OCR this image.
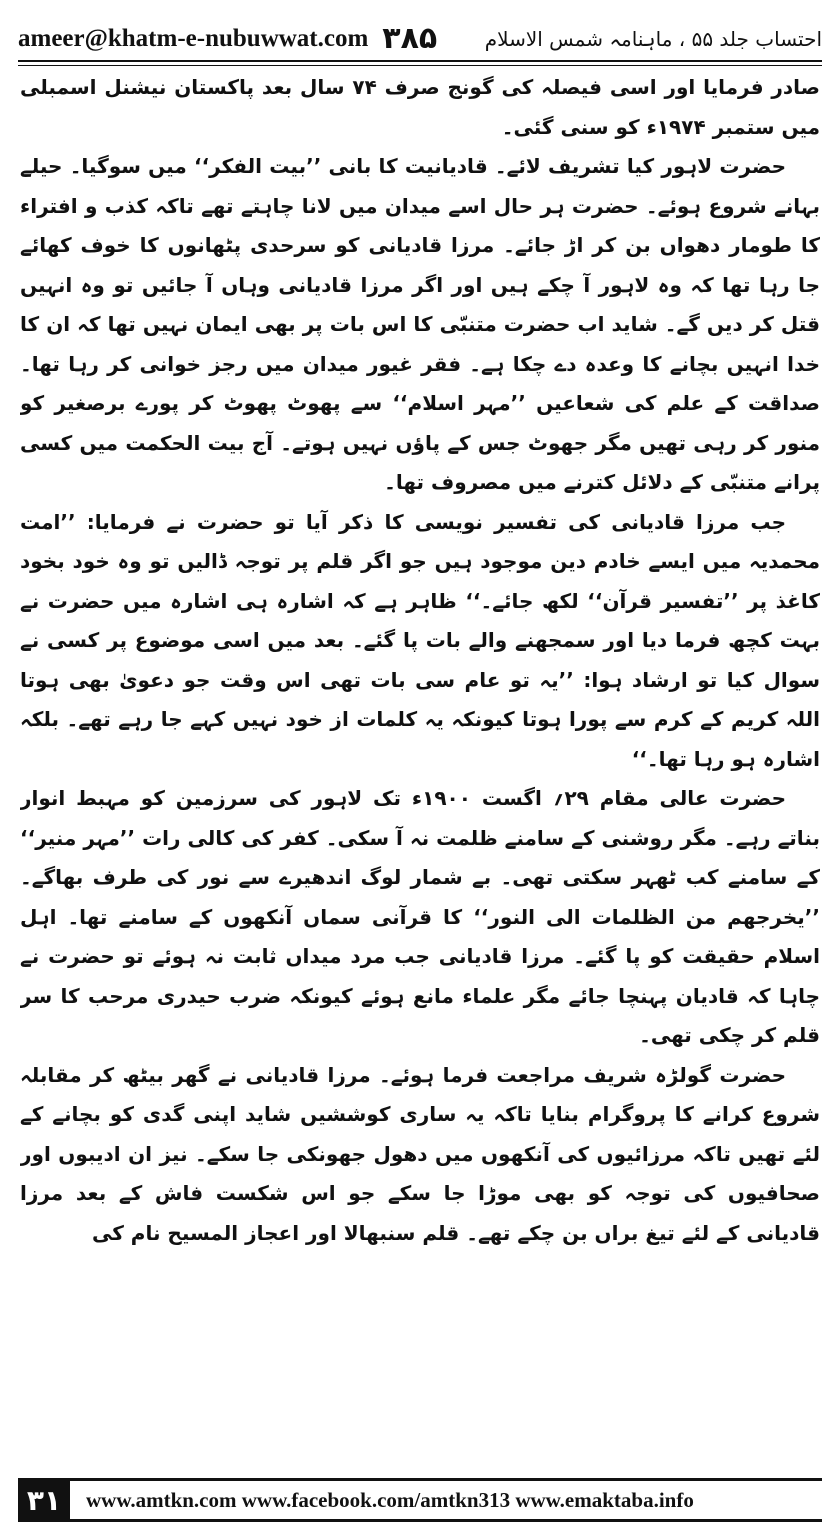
ameer@khatm-e-nubuwwat.com ۳۸۵ احتساب جلد ۵۵ ، ماہنامہ شمس الاسلام

صادر فرمایا اور اسی فیصلہ کی گونج صرف ۷۴ سال بعد پاکستان نیشنل اسمبلی میں ستمبر ۱۹۷۴ء کو سنی گئی۔

حضرت لاہور کیا تشریف لائے۔ قادیانیت کا بانی ’’بیت الفکر‘‘ میں سوگیا۔ حیلے بہانے شروع ہوئے۔ حضرت ہر حال اسے میدان میں لانا چاہتے تھے تاکہ کذب و افتراء کا طومار دھواں بن کر اڑ جائے۔ مرزا قادیانی کو سرحدی پٹھانوں کا خوف کھائے جا رہا تھا کہ وہ لاہور آ چکے ہیں اور اگر مرزا قادیانی وہاں آ جائیں تو وہ انہیں قتل کر دیں گے۔ شاید اب حضرت متنبّی کا اس بات پر بھی ایمان نہیں تھا کہ ان کا خدا انہیں بچانے کا وعدہ دے چکا ہے۔ فقر غیور میدان میں رجز خوانی کر رہا تھا۔ صداقت کے علم کی شعاعیں ’’مہر اسلام‘‘ سے پھوٹ پھوٹ کر پورے برصغیر کو منور کر رہی تھیں مگر جھوٹ جس کے پاؤں نہیں ہوتے۔ آج بیت الحکمت میں کسی پرانے متنبّی کے دلائل کترنے میں مصروف تھا۔

جب مرزا قادیانی کی تفسیر نویسی کا ذکر آیا تو حضرت نے فرمایا: ’’امت محمدیہ میں ایسے خادم دین موجود ہیں جو اگر قلم پر توجہ ڈالیں تو وہ خود بخود کاغذ پر ’’تفسیر قرآن‘‘ لکھ جائے۔‘‘ ظاہر ہے کہ اشارہ ہی اشارہ میں حضرت نے بہت کچھ فرما دیا اور سمجھنے والے بات پا گئے۔ بعد میں اسی موضوع پر کسی نے سوال کیا تو ارشاد ہوا: ’’یہ تو عام سی بات تھی اس وقت جو دعویٰ بھی ہوتا اللہ کریم کے کرم سے پورا ہوتا کیونکہ یہ کلمات از خود نہیں کہے جا رہے تھے۔ بلکہ اشارہ ہو رہا تھا۔‘‘

حضرت عالی مقام ۲۹؍ اگست ۱۹۰۰ء تک لاہور کی سرزمین کو مہبط انوار بناتے رہے۔ مگر روشنی کے سامنے ظلمت نہ آ سکی۔ کفر کی کالی رات ’’مہر منیر‘‘ کے سامنے کب ٹھہر سکتی تھی۔ بے شمار لوگ اندھیرے سے نور کی طرف بھاگے۔ ’’یخرجھم من الظلمات الی النور‘‘ کا قرآنی سماں آنکھوں کے سامنے تھا۔ اہل اسلام حقیقت کو پا گئے۔ مرزا قادیانی جب مرد میداں ثابت نہ ہوئے تو حضرت نے چاہا کہ قادیان پہنچا جائے مگر علماء مانع ہوئے کیونکہ ضرب حیدری مرحب کا سر قلم کر چکی تھی۔

حضرت گولڑہ شریف مراجعت فرما ہوئے۔ مرزا قادیانی نے گھر بیٹھ کر مقابلہ شروع کرانے کا پروگرام بنایا تاکہ یہ ساری کوششیں شاید اپنی گدی کو بچانے کے لئے تھیں تاکہ مرزائیوں کی آنکھوں میں دھول جھونکی جا سکے۔ نیز ان ادیبوں اور صحافیوں کی توجہ کو بھی موڑا جا سکے جو اس شکست فاش کے بعد مرزا قادیانی کے لئے تیغ براں بن چکے تھے۔ قلم سنبھالا اور اعجاز المسیح نام کی

۳۱	www.amtkn.com www.facebook.com/amtkn313 www.emaktaba.info
